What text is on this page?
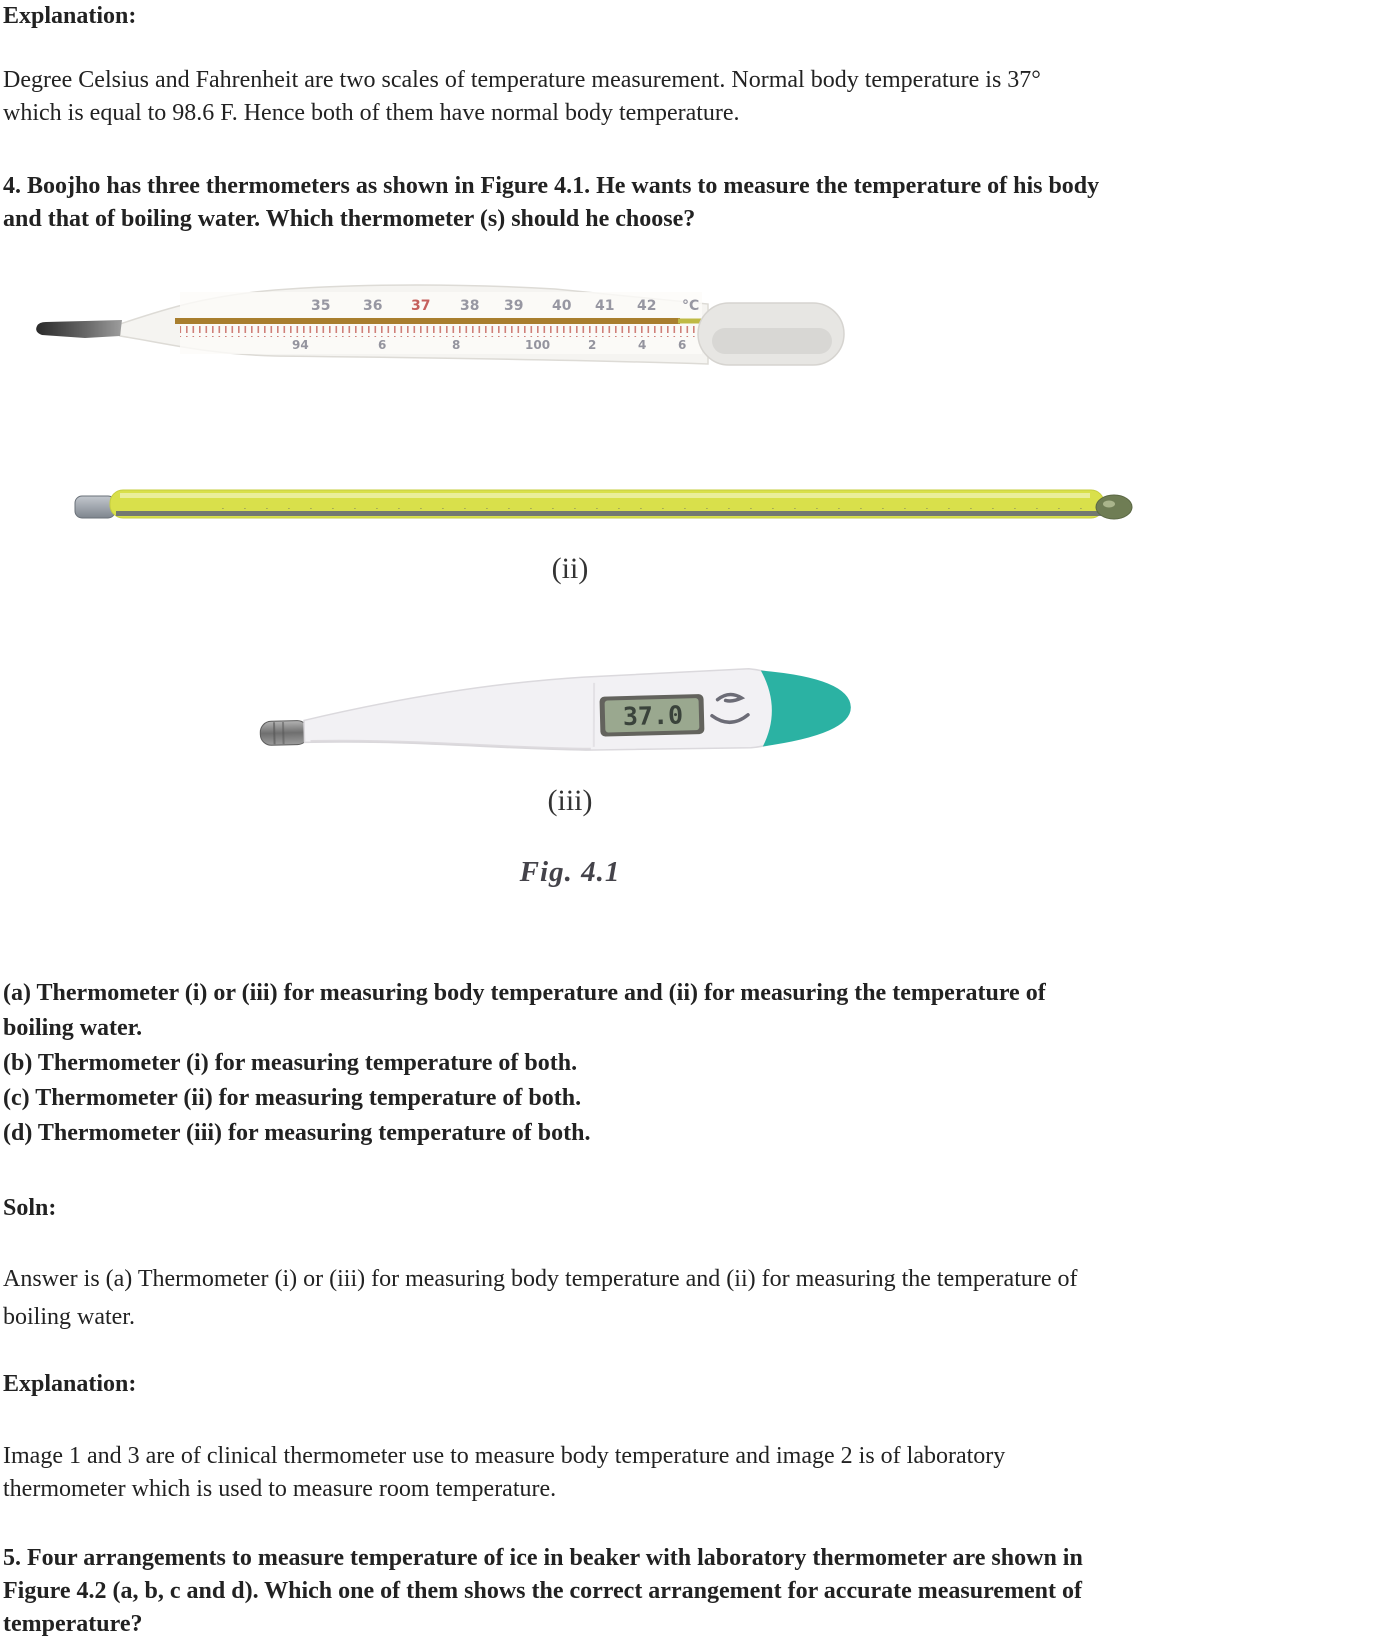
Explanation:
Degree Celsius and Fahrenheit are two scales of temperature measurement. Normal body temperature is 37°
which is equal to 98.6 F. Hence both of them have normal body temperature.
4. Boojho has three thermometers as shown in Figure 4.1. He wants to measure the temperature of his body
and that of boiling water. Which thermometer (s) should he choose?
35 36 37 38 39 40 41 42 °C
94	6	8	100	2	4	6
(ii)
37.0
(iii)
Fig. 4.1
(a) Thermometer (i) or (iii) for measuring body temperature and (ii) for measuring the temperature of
boiling water.
(b) Thermometer (i) for measuring temperature of both.
(c) Thermometer (ii) for measuring temperature of both.
(d) Thermometer (iii) for measuring temperature of both.
Soln:
Answer is (a) Thermometer (i) or (iii) for measuring body temperature and (ii) for measuring the temperature of
boiling water.
Explanation:
Image 1 and 3 are of clinical thermometer use to measure body temperature and image 2 is of laboratory
thermometer which is used to measure room temperature.
5. Four arrangements to measure temperature of ice in beaker with laboratory thermometer are shown in
Figure 4.2 (a, b, c and d). Which one of them shows the correct arrangement for accurate measurement of
temperature?
